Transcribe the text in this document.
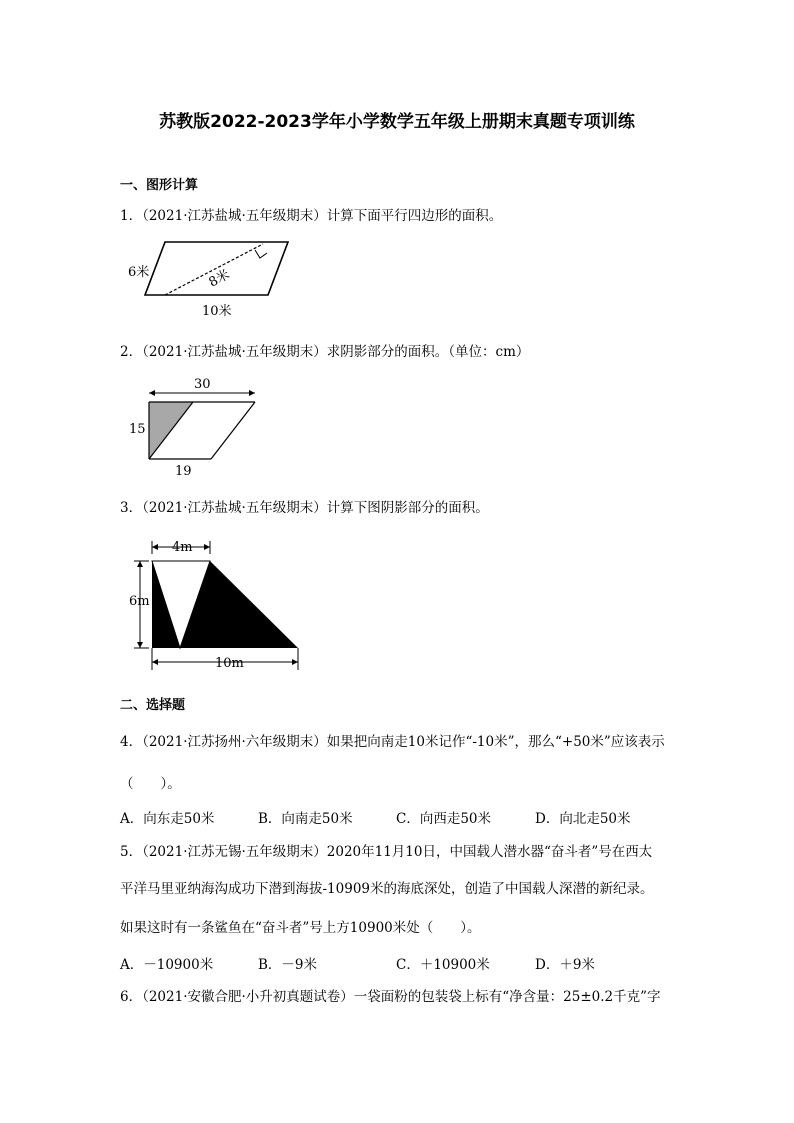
苏教版2022-2023学年小学数学五年级上册期末真题专项训练
一、图形计算
1．（2021·江苏盐城·五年级期末）计算下面平行四边形的面积。
6米	8米
10米
2．（2021·江苏盐城·五年级期末）求阴影部分的面积。（单位：cm）
30
15
19
3．（2021·江苏盐城·五年级期末）计算下图阴影部分的面积。
4m
6m
10m
二、选择题
4．（2021·江苏扬州·六年级期末）如果把向南走10米记作“-10米”，那么“+50米”应该表示
（　　）。
A．向东走50米	B．向南走50米	C．向西走50米	D．向北走50米
5．（2021·江苏无锡·五年级期末）2020年11月10日，中国载人潜水器“奋斗者”号在西太
平洋马里亚纳海沟成功下潜到海拔-10909米的海底深处，创造了中国载人深潜的新纪录。
如果这时有一条鲨鱼在“奋斗者”号上方10900米处（　　）。
A．－10900米	B．－9米	C．＋10900米	D．＋9米
6．（2021·安徽合肥·小升初真题试卷）一袋面粉的包装袋上标有“净含量：25±0.2千克”字
